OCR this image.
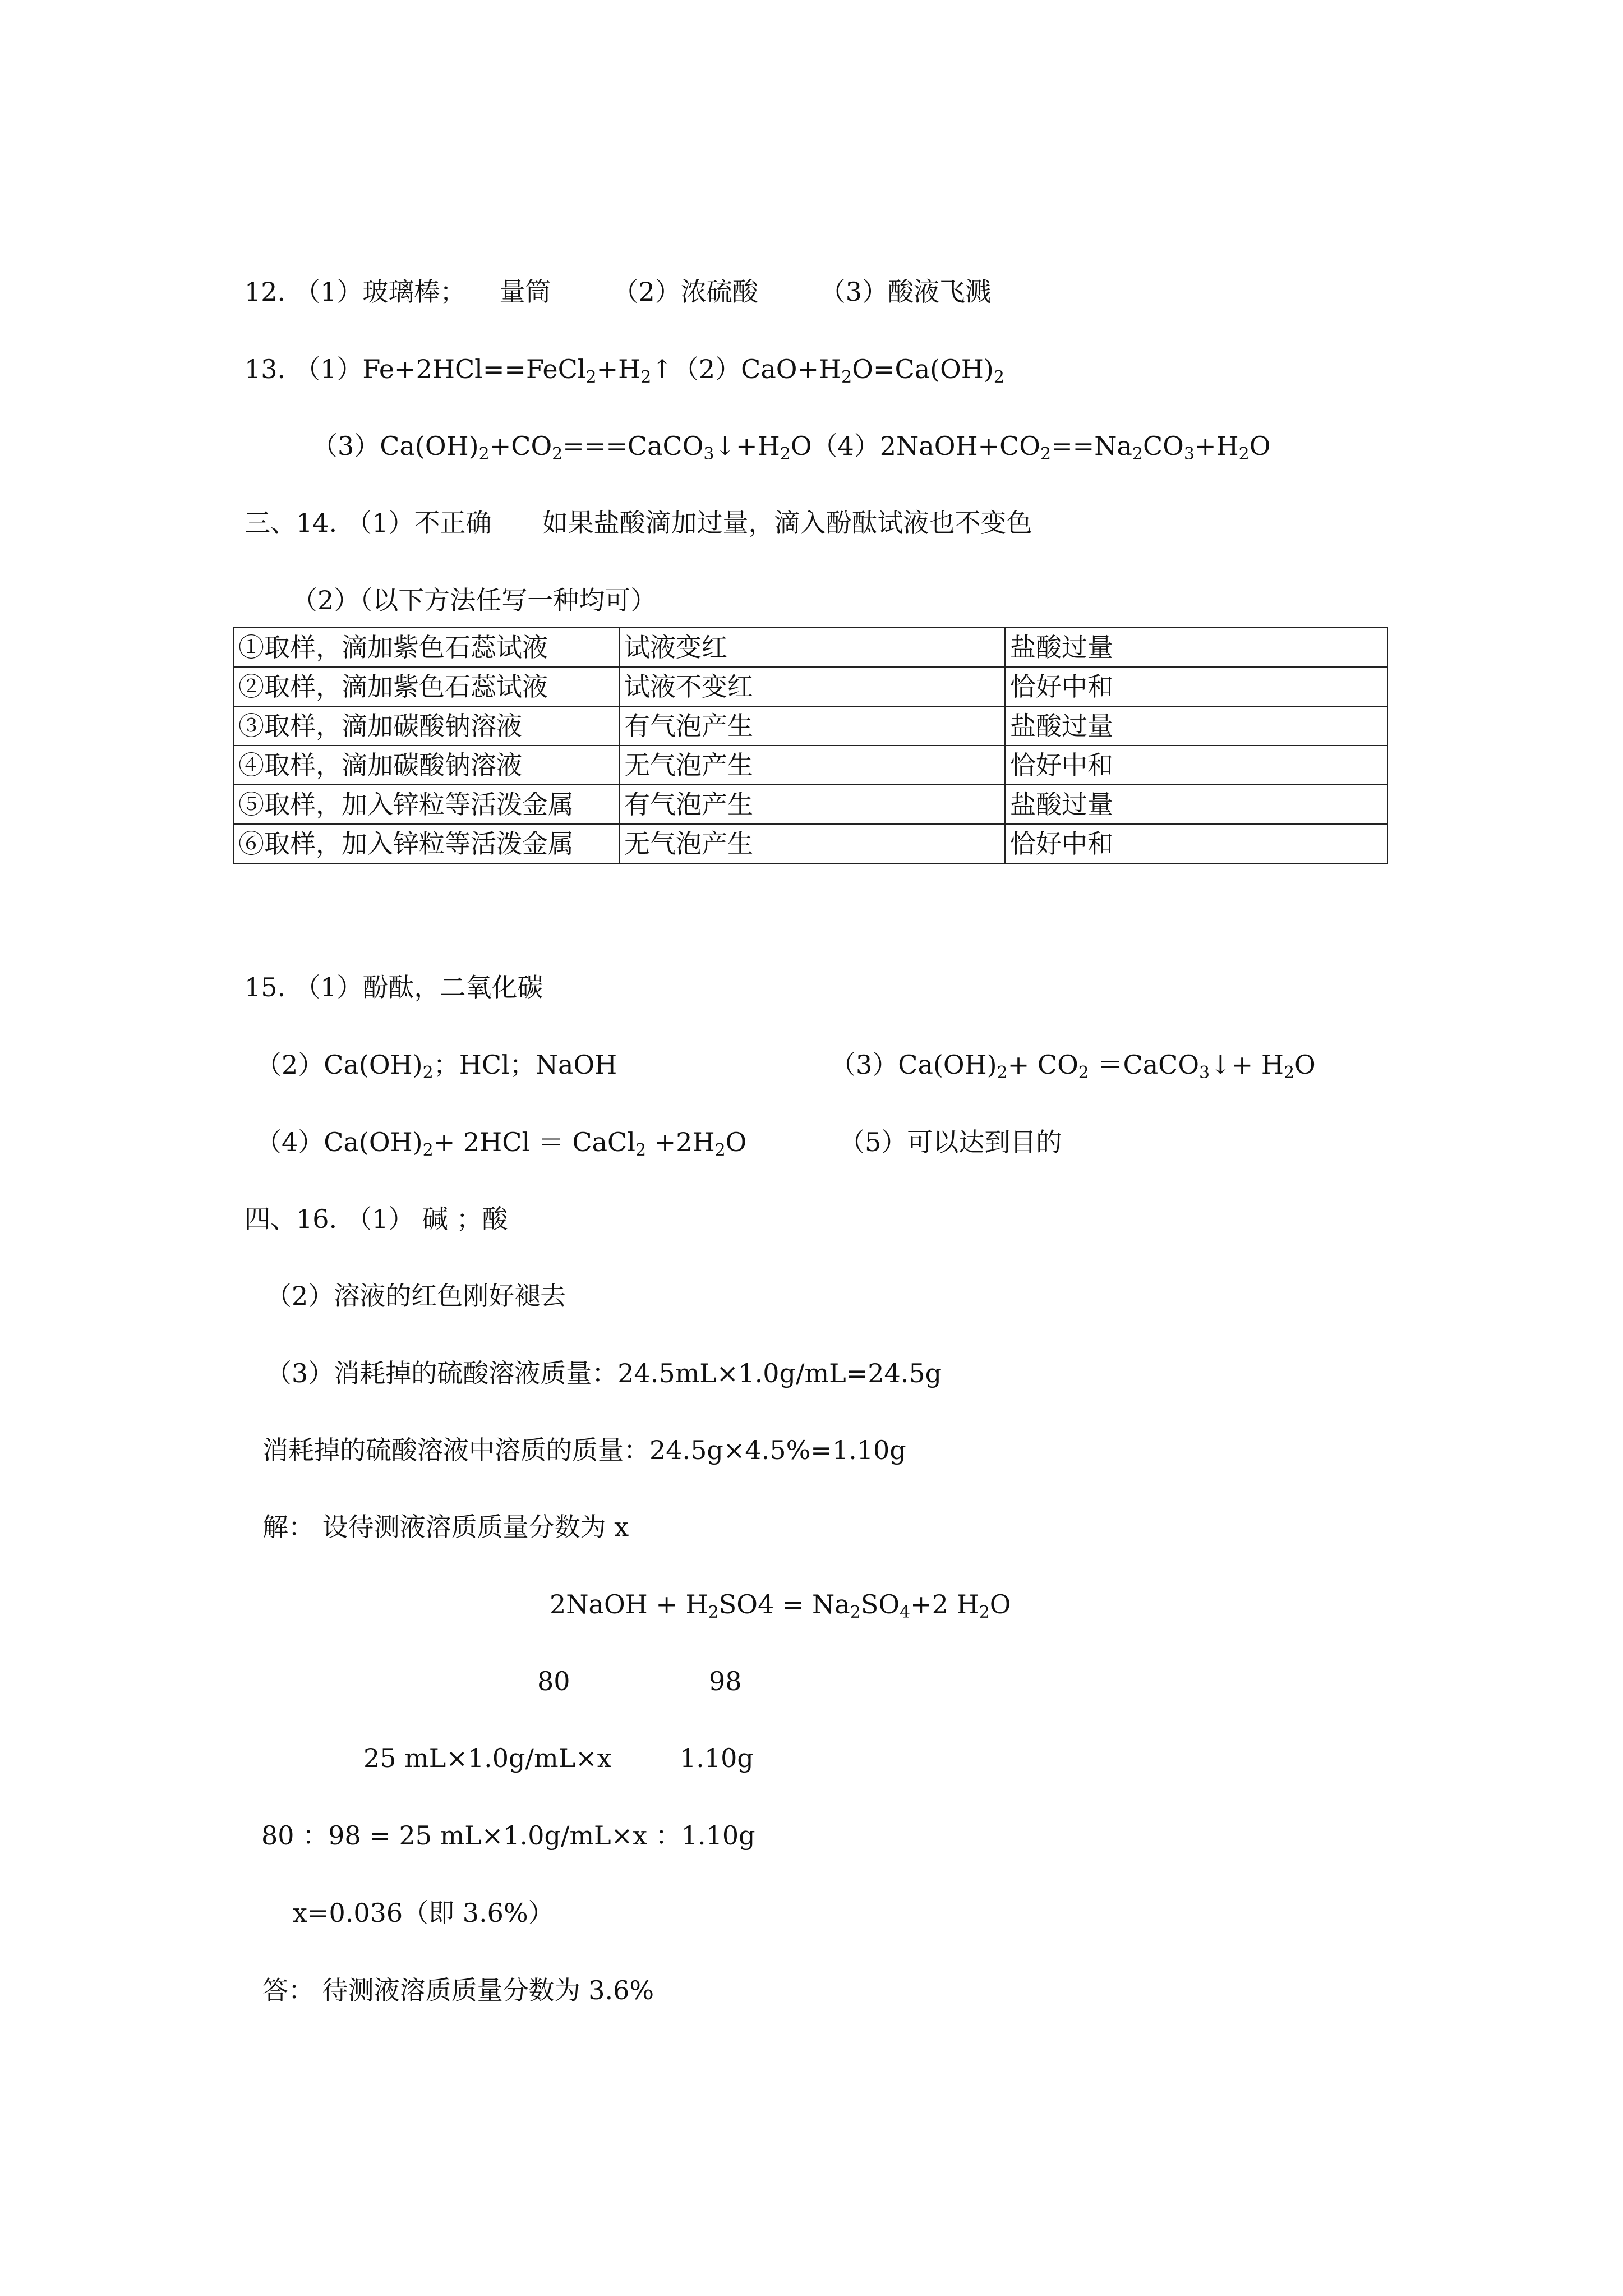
12. （1）玻璃棒； 量筒 （2）浓硫酸 （3）酸液飞溅
13. $(1)Fe+2HCl==FeCl_2+H_2↑(2)CaO+H_2O=Ca(OH)_2$
$(3)Ca(OH)_2+CO_2===CaCO_3↓+H_2O(4)2NaOH+CO_2==Na_2CO_3+H_2O$
三、14. （1）不正确 如果盐酸滴加过量，滴入酚酞试液也不变色
（2）（以下方法任写一种均可）
①取样，滴加紫色石蕊试液	试液变红	盐酸过量
②取样，滴加紫色石蕊试液	试液不变红	恰好中和
③取样，滴加碳酸钠溶液	有气泡产生	盐酸过量
④取样，滴加碳酸钠溶液	无气泡产生	恰好中和
⑤取样，加入锌粒等活泼金属	有气泡产生	盐酸过量
⑥取样，加入锌粒等活泼金属	无气泡产生	恰好中和
15. （1）酚酞，二氧化碳
$(2)Ca(OH)_2$；HCl；NaOH	$(3)Ca(OH)_2+ CO_2$ ＝CaCO$_3$↓+ $H_2O$
$(4)Ca(OH)_2+ 2HCl$ ＝ CaCl$_2$ $+2H_2O$	（5）可以达到目的
四、16. （1） 碱 ；酸
（2）溶液的红色刚好褪去
（3）消耗掉的硫酸溶液质量：24.5mL×1.0g/mL=24.5g
消耗掉的硫酸溶液中溶质的质量：24.5g×4.5%=1.10g
解： 设待测液溶质质量分数为 x
2NaOH + $H_2SO4 = Na_2SO_4+2$ $H_2O$
80	98
25 mL×1.0g/mL×x	1.10g
80 ：98 = 25 mL×1.0g/mL×x ：1.10g
x=0.036（即 3.6%）
答： 待测液溶质质量分数为 3.6%
